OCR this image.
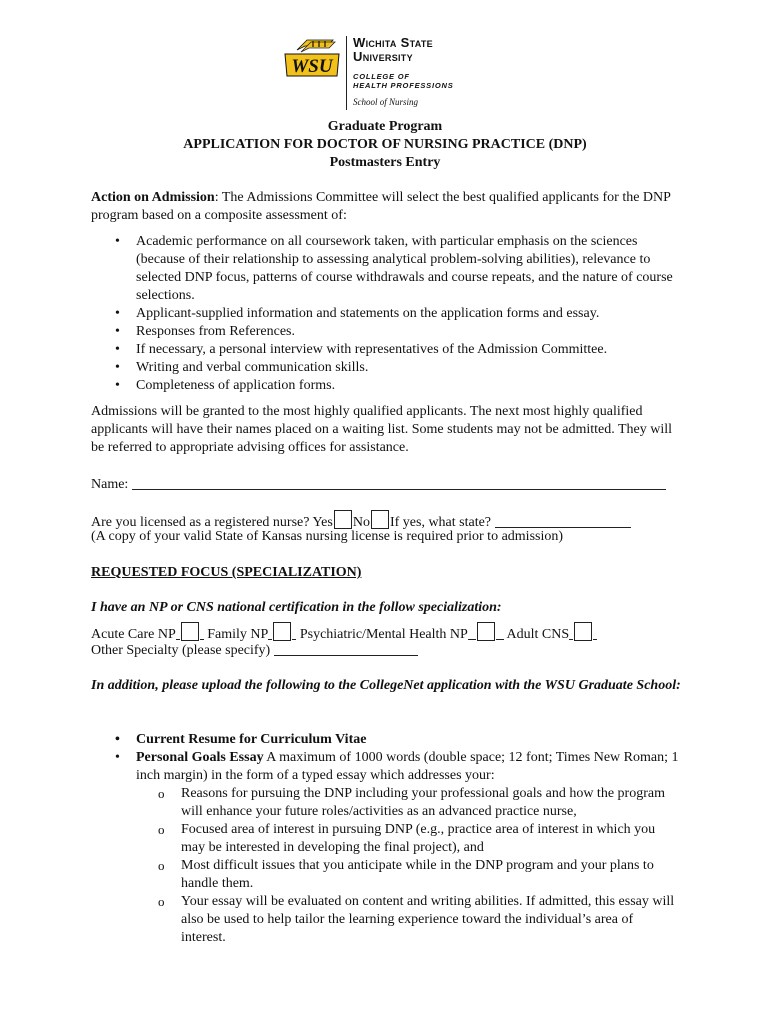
WSU
Wichita State
University
COLLEGE OF
HEALTH PROFESSIONS
School of Nursing
Graduate Program
APPLICATION FOR DOCTOR OF NURSING PRACTICE (DNP)
Postmasters Entry
Action on Admission: The Admissions Committee will select the best qualified applicants for the DNP program based on a composite assessment of:
• Academic performance on all coursework taken, with particular emphasis on the sciences (because of their relationship to assessing analytical problem-solving abilities), relevance to selected DNP focus, patterns of course withdrawals and course repeats, and the nature of course selections.
• Applicant-supplied information and statements on the application forms and essay.
• Responses from References.
• If necessary, a personal interview with representatives of the Admission Committee.
• Writing and verbal communication skills.
• Completeness of application forms.
Admissions will be granted to the most highly qualified applicants. The next most highly qualified applicants will have their names placed on a waiting list. Some students may not be admitted. They will be referred to appropriate advising offices for assistance.
Name:
Are you licensed as a registered nurse? Yes No If yes, what state?
(A copy of your valid State of Kansas nursing license is required prior to admission)
REQUESTED FOCUS (SPECIALIZATION)
I have an NP or CNS national certification in the follow specialization:
Acute Care NP Family NP Psychiatric/Mental Health NP	Adult CNS
Other Specialty (please specify)
In addition, please upload the following to the CollegeNet application with the WSU Graduate School:
• Current Resume for Curriculum Vitae
• Personal Goals Essay A maximum of 1000 words (double space; 12 font; Times New Roman; 1 inch margin) in the form of a typed essay which addresses your:
o Reasons for pursuing the DNP including your professional goals and how the program will enhance your future roles/activities as an advanced practice nurse,
o Focused area of interest in pursuing DNP (e.g., practice area of interest in which you may be interested in developing the final project), and
o Most difficult issues that you anticipate while in the DNP program and your plans to handle them.
o Your essay will be evaluated on content and writing abilities. If admitted, this essay will also be used to help tailor the learning experience toward the individual’s area of interest.
